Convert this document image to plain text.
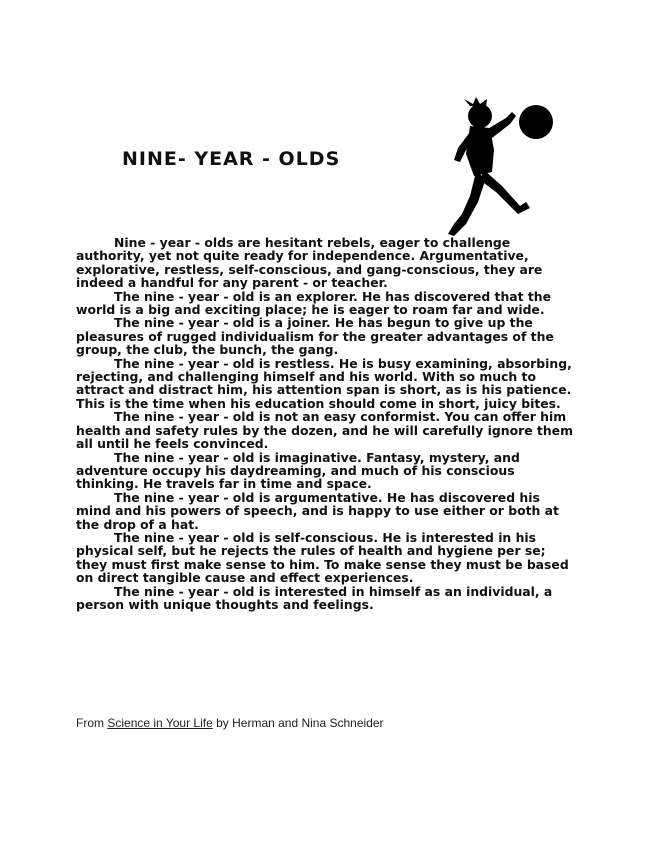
NINE- YEAR - OLDS

Nine - year - olds are hesitant rebels, eager to challenge authority, yet not quite ready for independence. Argumentative, explorative, restless, self-conscious, and gang-conscious, they are indeed a handful for any parent - or teacher.

The nine - year - old is an explorer. He has discovered that the world is a big and exciting place; he is eager to roam far and wide.

The nine - year - old is a joiner. He has begun to give up the pleasures of rugged individualism for the greater advantages of the group, the club, the bunch, the gang.

The nine - year - old is restless. He is busy examining, absorbing, rejecting, and challenging himself and his world. With so much to attract and distract him, his attention span is short, as is his patience. This is the time when his education should come in short, juicy bites.

The nine - year - old is not an easy conformist. You can offer him health and safety rules by the dozen, and he will carefully ignore them all until he feels convinced.

The nine - year - old is imaginative. Fantasy, mystery, and adventure occupy his daydreaming, and much of his conscious thinking. He travels far in time and space.

The nine - year - old is argumentative. He has discovered his mind and his powers of speech, and is happy to use either or both at the drop of a hat.

The nine - year - old is self-conscious. He is interested in his physical self, but he rejects the rules of health and hygiene per se; they must first make sense to him. To make sense they must be based on direct tangible cause and effect experiences.

The nine - year - old is interested in himself as an individual, a person with unique thoughts and feelings.

From Science in Your Life by Herman and Nina Schneider
